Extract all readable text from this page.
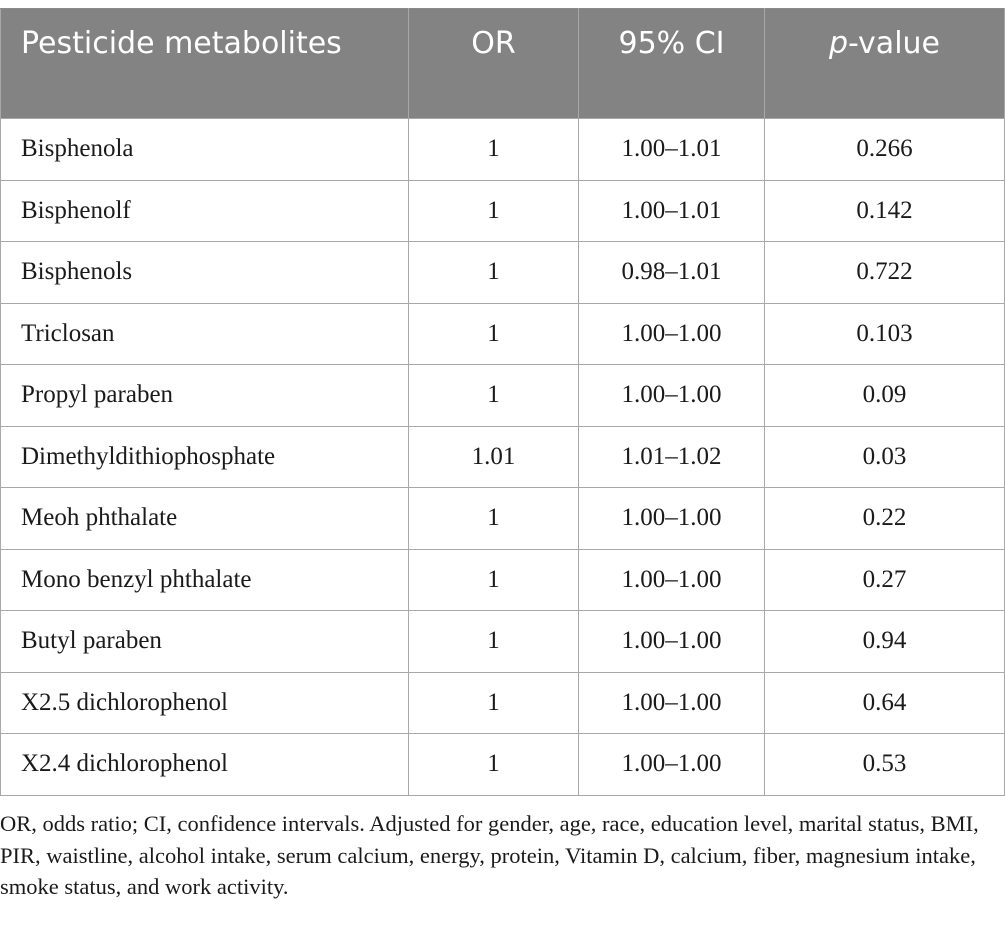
Pesticide metabolites	OR	95% CI	p-value
Bisphenola	1	1.00–1.01	0.266
Bisphenolf	1	1.00–1.01	0.142
Bisphenols	1	0.98–1.01	0.722
Triclosan	1	1.00–1.00	0.103
Propyl paraben	1	1.00–1.00	0.09
Dimethyldithiophosphate	1.01	1.01–1.02	0.03
Meoh phthalate	1	1.00–1.00	0.22
Mono benzyl phthalate	1	1.00–1.00	0.27
Butyl paraben	1	1.00–1.00	0.94
X2.5 dichlorophenol	1	1.00–1.00	0.64
X2.4 dichlorophenol	1	1.00–1.00	0.53
OR, odds ratio; CI, confidence intervals. Adjusted for gender, age, race, education level, marital status, BMI, PIR, waistline, alcohol intake, serum calcium, energy, protein, Vitamin D, calcium, fiber, magnesium intake, smoke status, and work activity.
